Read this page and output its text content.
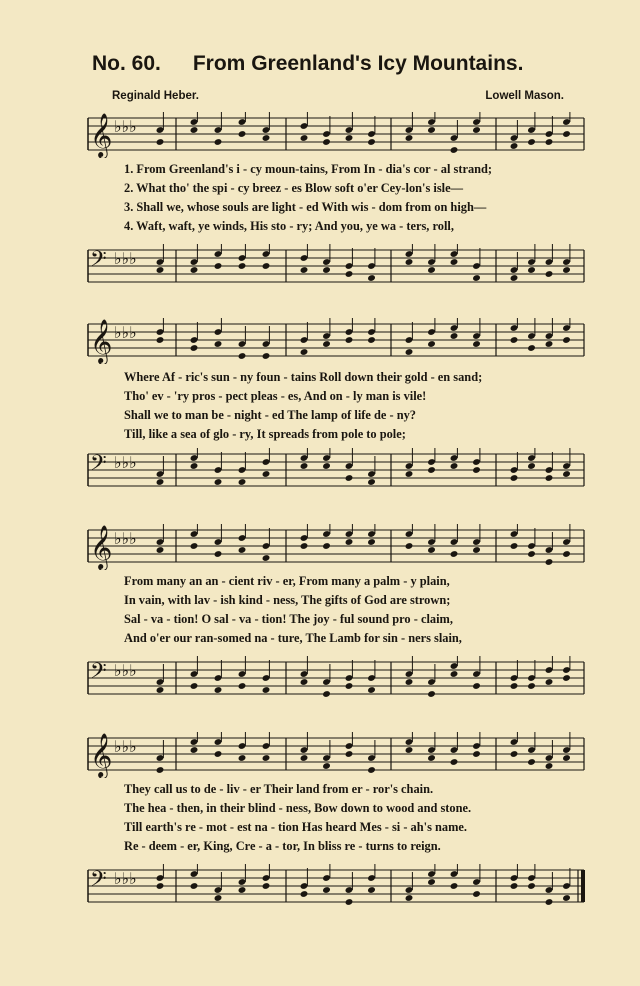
No. 60. From Greenland's Icy Mountains.
Reginald Heber.	Lowell Mason.
𝄞 ♭♭♭
1. From Greenland's i - cy moun-tains, From In - dia's cor - al strand;
2. What tho' the spi - cy breez - es Blow soft o'er Cey-lon's isle—
3. Shall we, whose souls are light - ed With wis - dom from on high—
4. Waft, waft, ye winds, His sto - ry; And you, ye wa - ters, roll,
𝄢 ♭♭♭
𝄞 ♭♭♭
Where Af - ric's sun - ny foun - tains Roll down their gold - en sand;
Tho' ev - 'ry pros - pect pleas - es, And on - ly man is vile!
Shall we to man be - night - ed The lamp of life de - ny?
Till, like a sea of glo - ry, It spreads from pole to pole;
𝄢 ♭♭♭
𝄞 ♭♭♭
From many an an - cient riv - er, From many a palm - y plain,
In vain, with lav - ish kind - ness, The gifts of God are strown;
Sal - va - tion! O sal - va - tion! The joy - ful sound pro - claim,
And o'er our ran-somed na - ture, The Lamb for sin - ners slain,
𝄢 ♭♭♭
𝄞 ♭♭♭
They call us to de - liv - er Their land from er - ror's chain.
The hea - then, in their blind - ness, Bow down to wood and stone.
Till earth's re - mot - est na - tion Has heard Mes - si - ah's name.
Re - deem - er, King, Cre - a - tor, In bliss re - turns to reign.
𝄢 ♭♭♭
